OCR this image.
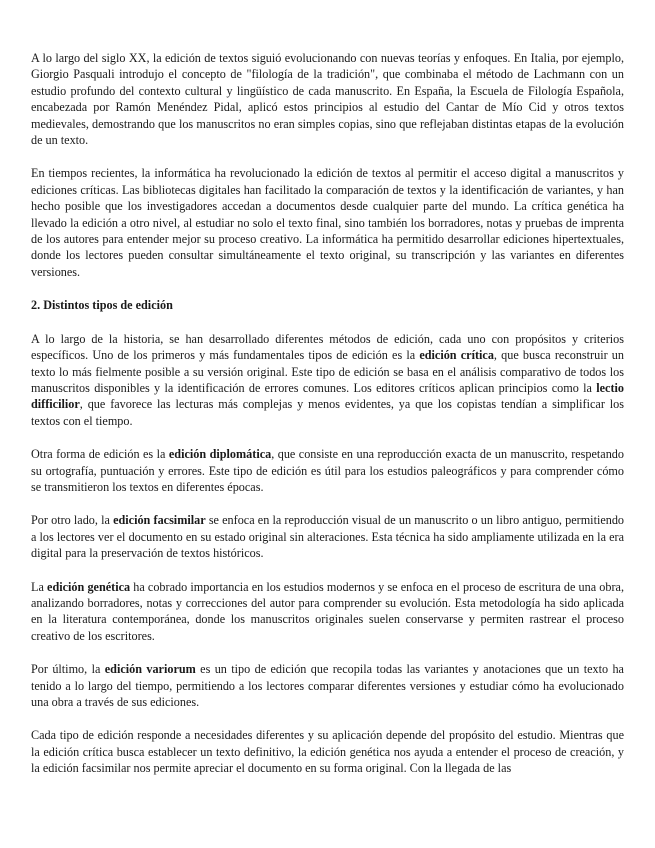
A lo largo del siglo XX, la edición de textos siguió evolucionando con nuevas teorías y enfoques. En Italia, por ejemplo, Giorgio Pasquali introdujo el concepto de "filología de la tradición", que combinaba el método de Lachmann con un estudio profundo del contexto cultural y lingüístico de cada manuscrito. En España, la Escuela de Filología Española, encabezada por Ramón Menéndez Pidal, aplicó estos principios al estudio del Cantar de Mío Cid y otros textos medievales, demostrando que los manuscritos no eran simples copias, sino que reflejaban distintas etapas de la evolución de un texto.

En tiempos recientes, la informática ha revolucionado la edición de textos al permitir el acceso digital a manuscritos y ediciones críticas. Las bibliotecas digitales han facilitado la comparación de textos y la identificación de variantes, y han hecho posible que los investigadores accedan a documentos desde cualquier parte del mundo. La crítica genética ha llevado la edición a otro nivel, al estudiar no solo el texto final, sino también los borradores, notas y pruebas de imprenta de los autores para entender mejor su proceso creativo. La informática ha permitido desarrollar ediciones hipertextuales, donde los lectores pueden consultar simultáneamente el texto original, su transcripción y las variantes en diferentes versiones.

2. Distintos tipos de edición

A lo largo de la historia, se han desarrollado diferentes métodos de edición, cada uno con propósitos y criterios específicos. Uno de los primeros y más fundamentales tipos de edición es la edición crítica, que busca reconstruir un texto lo más fielmente posible a su versión original. Este tipo de edición se basa en el análisis comparativo de todos los manuscritos disponibles y la identificación de errores comunes. Los editores críticos aplican principios como la lectio difficilior, que favorece las lecturas más complejas y menos evidentes, ya que los copistas tendían a simplificar los textos con el tiempo.

Otra forma de edición es la edición diplomática, que consiste en una reproducción exacta de un manuscrito, respetando su ortografía, puntuación y errores. Este tipo de edición es útil para los estudios paleográficos y para comprender cómo se transmitieron los textos en diferentes épocas.

Por otro lado, la edición facsimilar se enfoca en la reproducción visual de un manuscrito o un libro antiguo, permitiendo a los lectores ver el documento en su estado original sin alteraciones. Esta técnica ha sido ampliamente utilizada en la era digital para la preservación de textos históricos.

La edición genética ha cobrado importancia en los estudios modernos y se enfoca en el proceso de escritura de una obra, analizando borradores, notas y correcciones del autor para comprender su evolución. Esta metodología ha sido aplicada en la literatura contemporánea, donde los manuscritos originales suelen conservarse y permiten rastrear el proceso creativo de los escritores.

Por último, la edición variorum es un tipo de edición que recopila todas las variantes y anotaciones que un texto ha tenido a lo largo del tiempo, permitiendo a los lectores comparar diferentes versiones y estudiar cómo ha evolucionado una obra a través de sus ediciones.

Cada tipo de edición responde a necesidades diferentes y su aplicación depende del propósito del estudio. Mientras que la edición crítica busca establecer un texto definitivo, la edición genética nos ayuda a entender el proceso de creación, y la edición facsimilar nos permite apreciar el documento en su forma original. Con la llegada de las
